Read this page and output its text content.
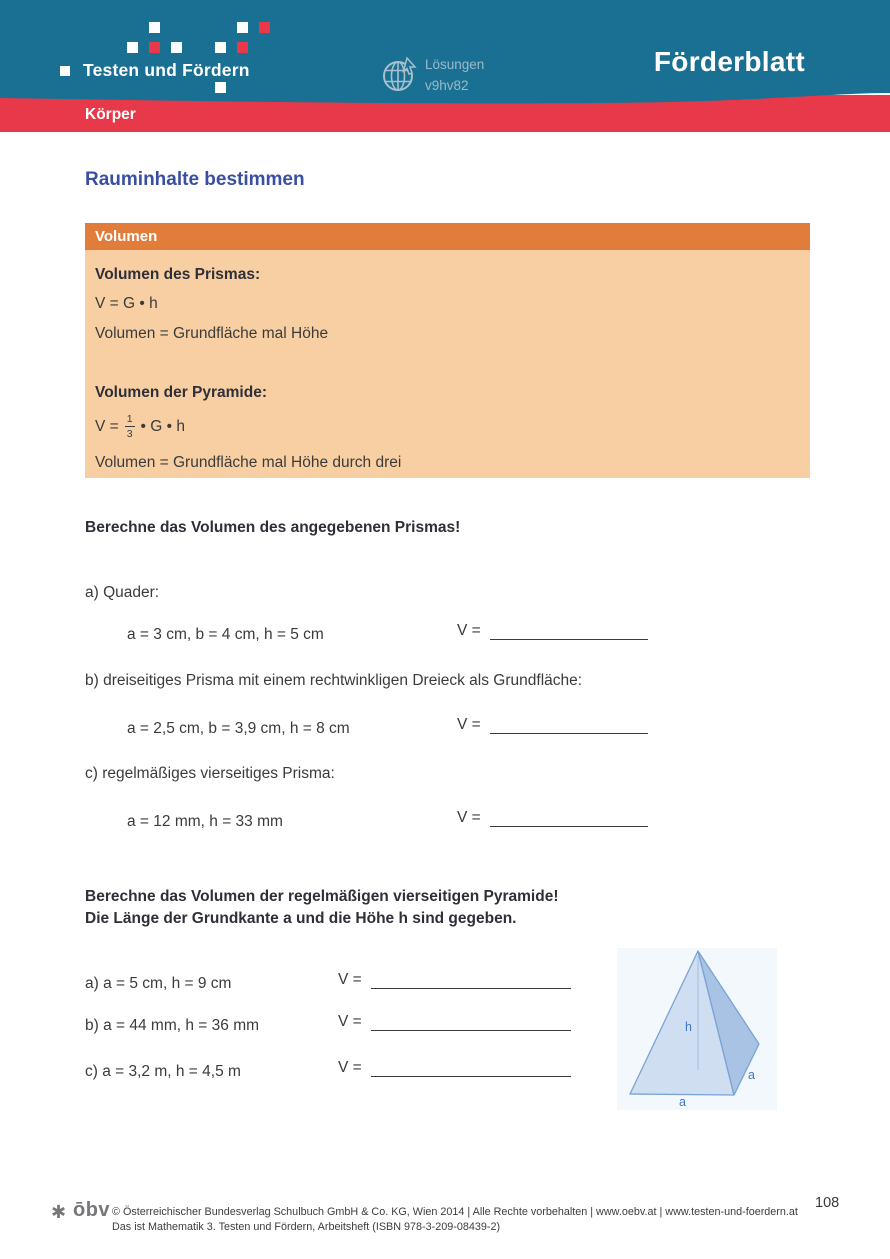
Testen und Fördern	Lösungen
v9hv82
Förderblatt
Körper
Rauminhalte bestimmen
Volumen
Volumen des Prismas:
V = G • h
Volumen = Grundfläche mal Höhe
Volumen der Pyramide:
$V = \frac{1}{3}$ • G • h
Volumen = Grundfläche mal Höhe durch drei
Berechne das Volumen des angegebenen Prismas!
a) Quader:
a = 3 cm, b = 4 cm, h = 5 cm	V =
b) dreiseitiges Prisma mit einem rechtwinkligen Dreieck als Grundfläche:
a = 2,5 cm, b = 3,9 cm, h = 8 cm	V =
c) regelmäßiges vierseitiges Prisma:
a = 12 mm, h = 33 mm	V =
Berechne das Volumen der regelmäßigen vierseitigen Pyramide!
Die Länge der Grundkante a und die Höhe h sind gegeben.
a) a = 5 cm, h = 9 cm	V =
b) a = 44 mm, h = 36 mm	V =
c) a = 3,2 m, h = 4,5 m	V =
h
a
a
✱ ōbv © Österreichischer Bundesverlag Schulbuch GmbH & Co. KG, Wien 2014 | Alle Rechte vorbehalten | www.oebv.at | www.testen-und-foerdern.at
Das ist Mathematik 3. Testen und Fördern, Arbeitsheft (ISBN 978-3-209-08439-2)
108
